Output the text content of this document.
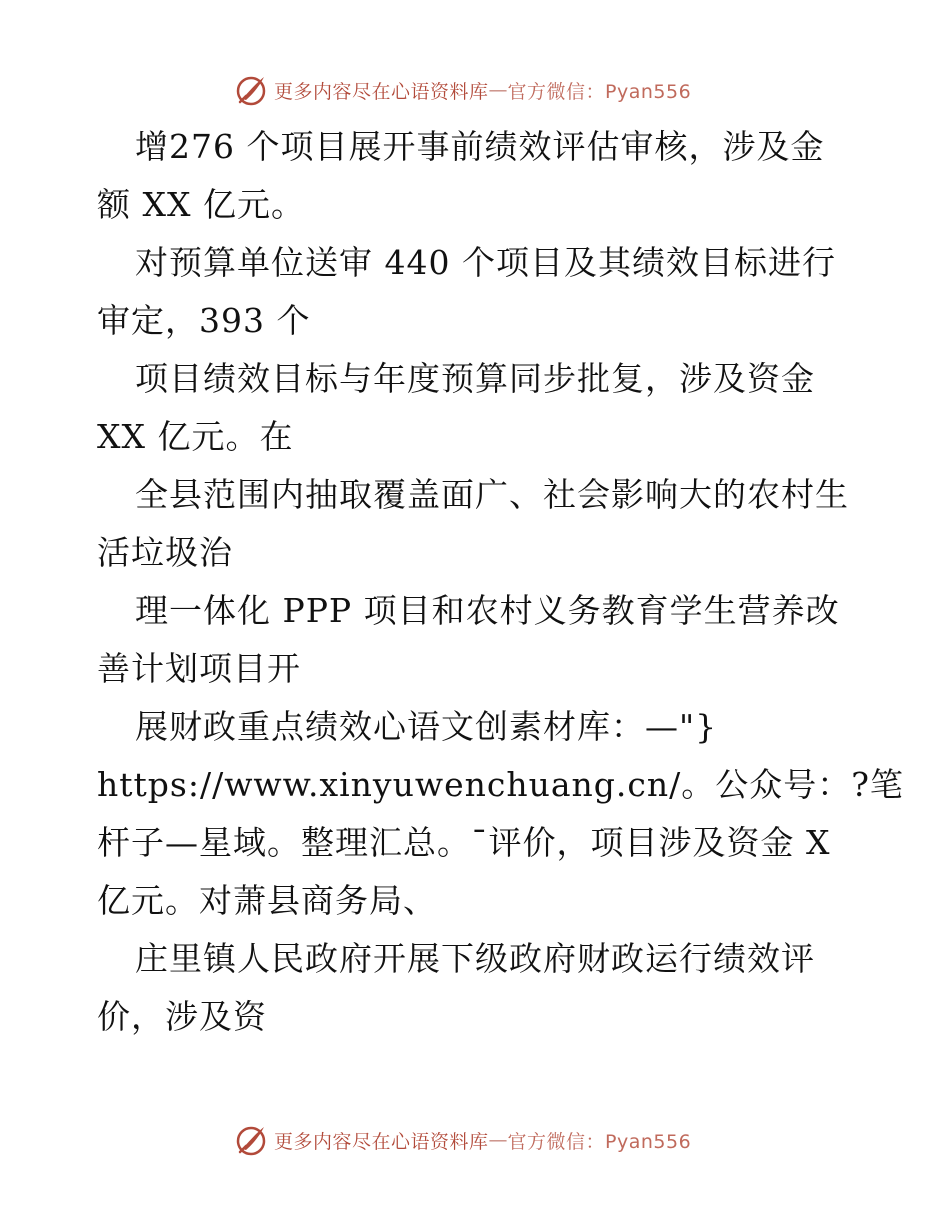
更多内容尽在心语资料库 — 官方微信：Pyan556
增276 个项目展开事前绩效评估审核，涉及金
额 XX 亿元。
对预算单位送审 440 个项目及其绩效目标进行
审定，393 个
项目绩效目标与年度预算同步批复，涉及资金
XX 亿元。在
全县范围内抽取覆盖面广、社会影响大的农村生
活垃圾治
理一体化 PPP 项目和农村义务教育学生营养改
善计划项目开
展财政重点绩效心语文创素材库：—"}
https://www.xinyuwenchuang.cn/。公众号：?笔
杆子—星域。整理汇总。¯评价，项目涉及资金 X
亿元。对萧县商务局、
庄里镇人民政府开展下级政府财政运行绩效评
价，涉及资
更多内容尽在心语资料库 — 官方微信：Pyan556
